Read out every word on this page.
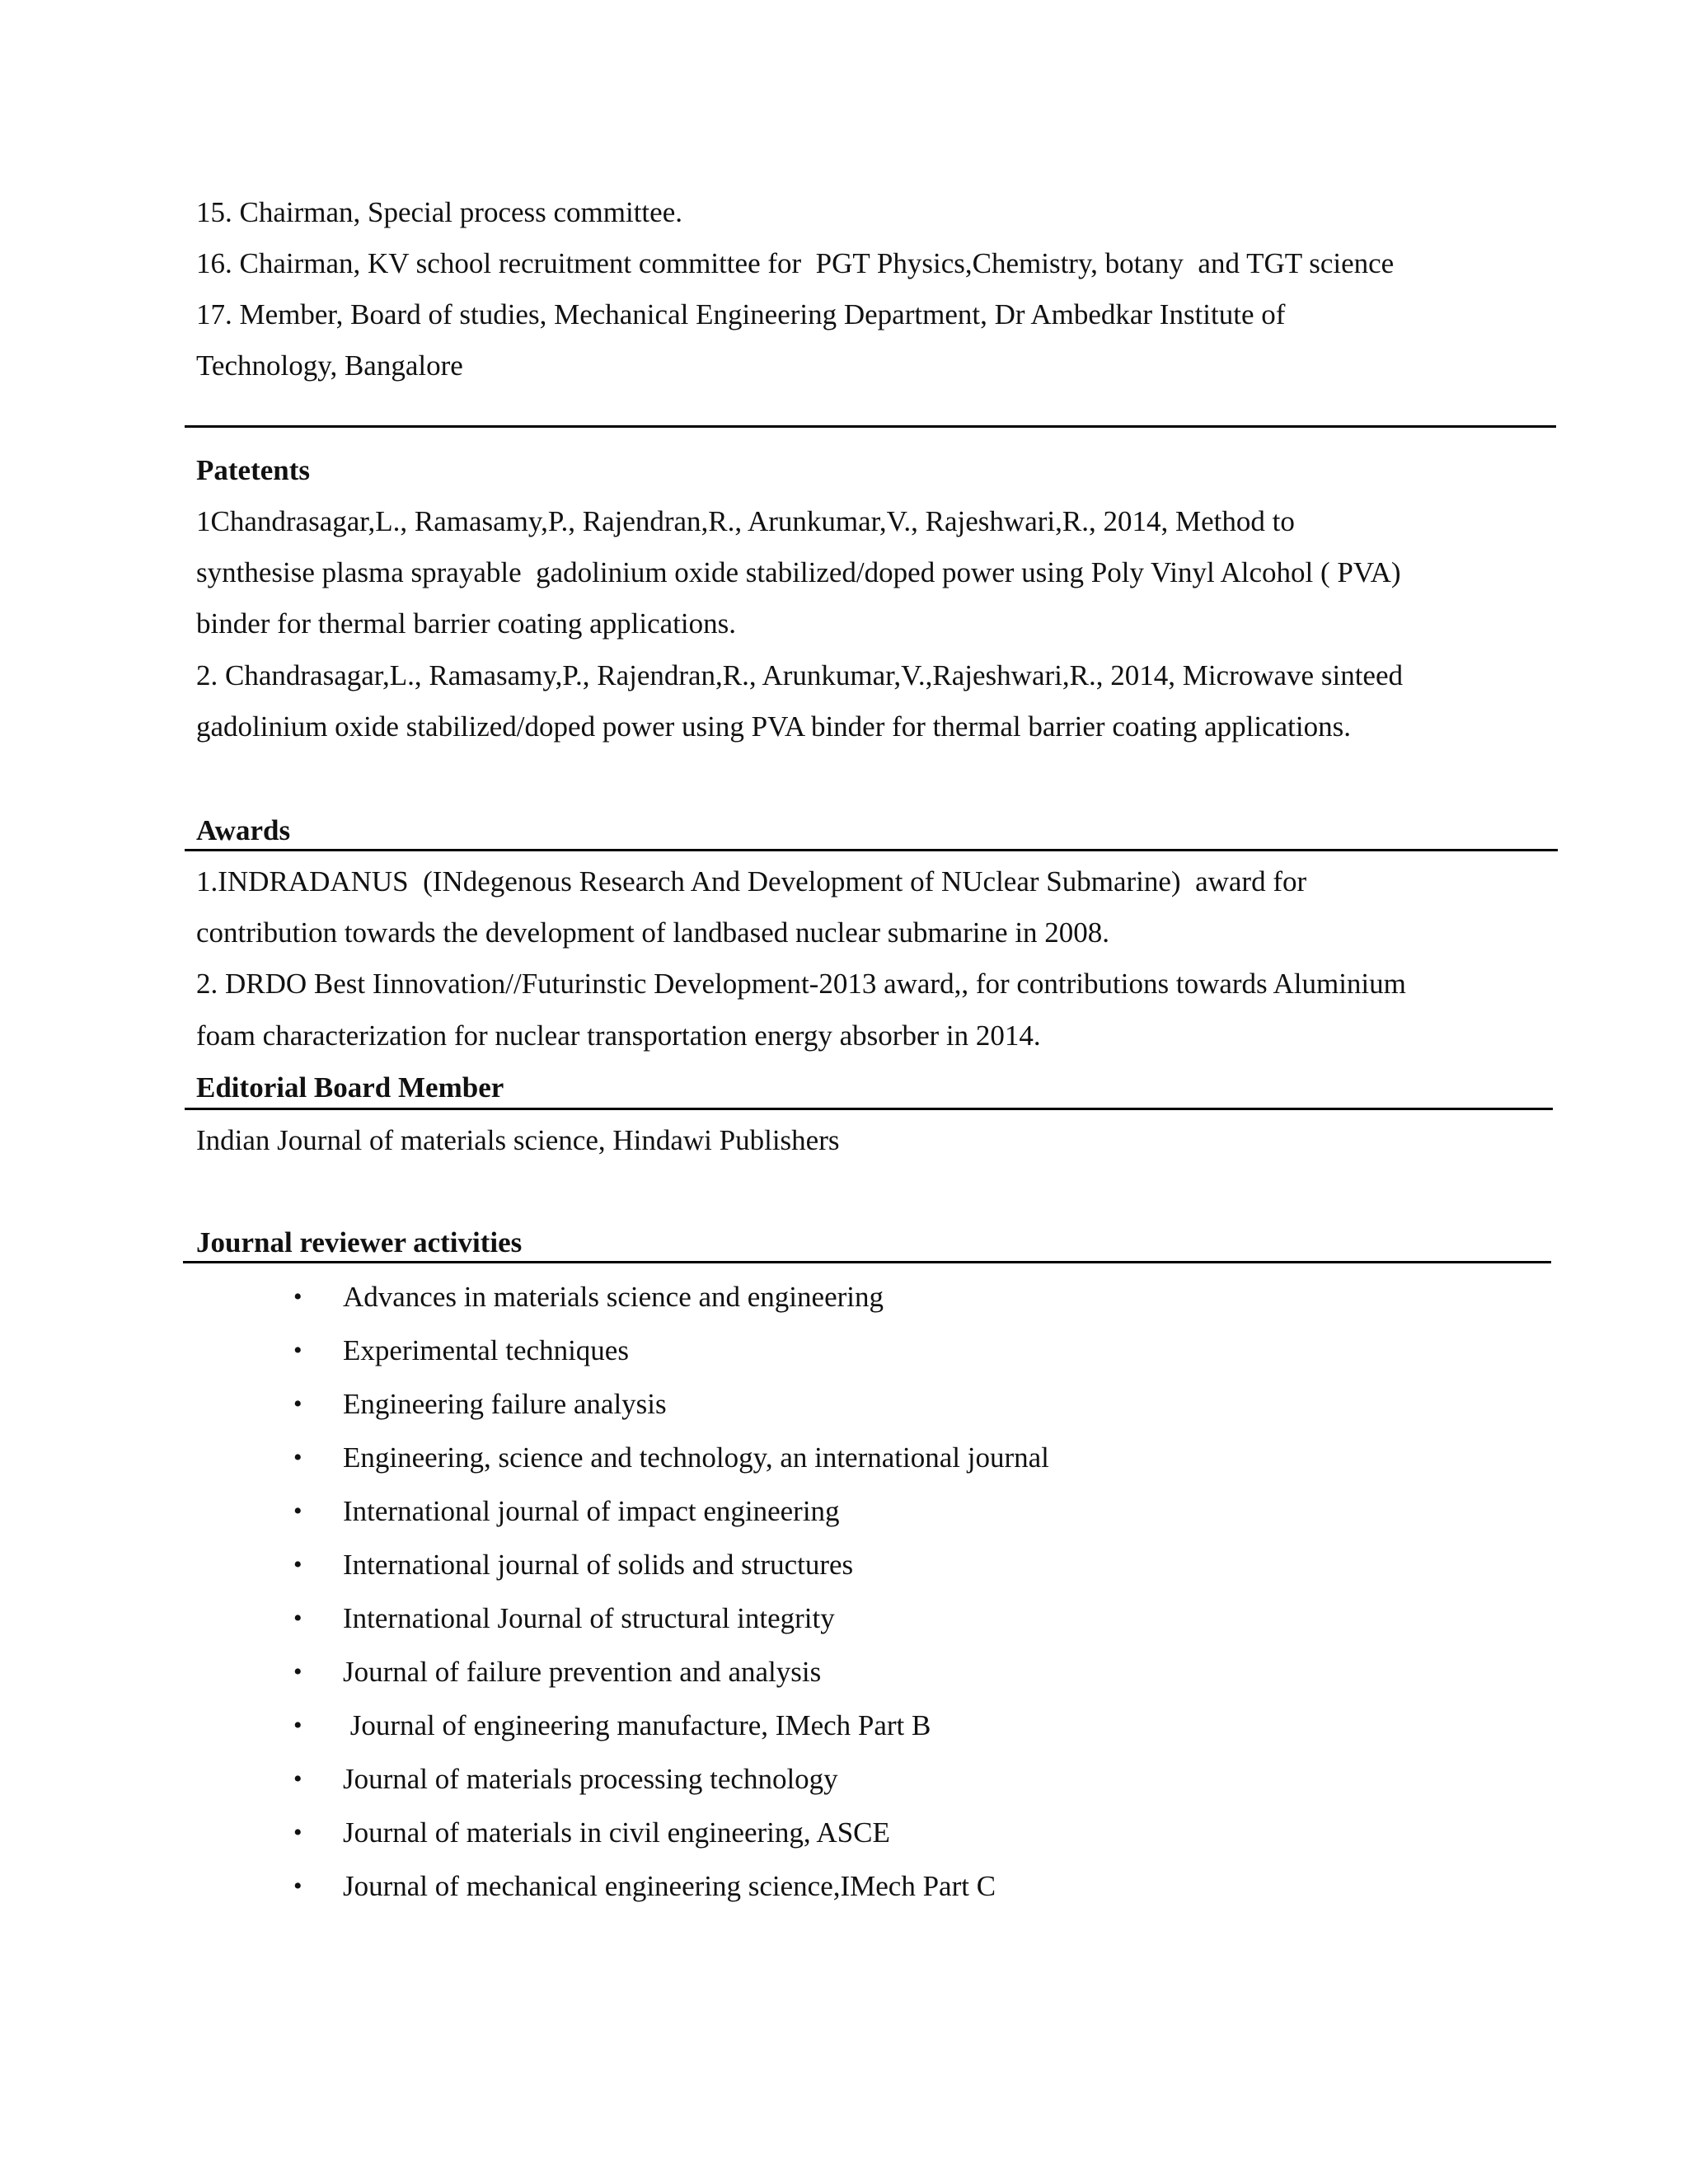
15. Chairman, Special process committee.
16. Chairman, KV school recruitment committee for  PGT Physics,Chemistry, botany  and TGT science
17. Member, Board of studies, Mechanical Engineering Department, Dr Ambedkar Institute of
Technology, Bangalore
Patetents
1Chandrasagar,L., Ramasamy,P., Rajendran,R., Arunkumar,V., Rajeshwari,R., 2014, Method to
synthesise plasma sprayable  gadolinium oxide stabilized/doped power using Poly Vinyl Alcohol ( PVA)
binder for thermal barrier coating applications.
2. Chandrasagar,L., Ramasamy,P., Rajendran,R., Arunkumar,V.,Rajeshwari,R., 2014, Microwave sinteed
gadolinium oxide stabilized/doped power using PVA binder for thermal barrier coating applications.
Awards
1.INDRADANUS  (INdegenous Research And Development of NUclear Submarine)  award for
contribution towards the development of landbased nuclear submarine in 2008.
2. DRDO Best Iinnovation//Futurinstic Development-2013 award,, for contributions towards Aluminium
foam characterization for nuclear transportation energy absorber in 2014.
Editorial Board Member
Indian Journal of materials science, Hindawi Publishers
Journal reviewer activities
• Advances in materials science and engineering
• Experimental techniques
• Engineering failure analysis
• Engineering, science and technology, an international journal
• International journal of impact engineering
• International journal of solids and structures
• International Journal of structural integrity
• Journal of failure prevention and analysis
• Journal of engineering manufacture, IMech Part B
• Journal of materials processing technology
• Journal of materials in civil engineering, ASCE
• Journal of mechanical engineering science,IMech Part C
